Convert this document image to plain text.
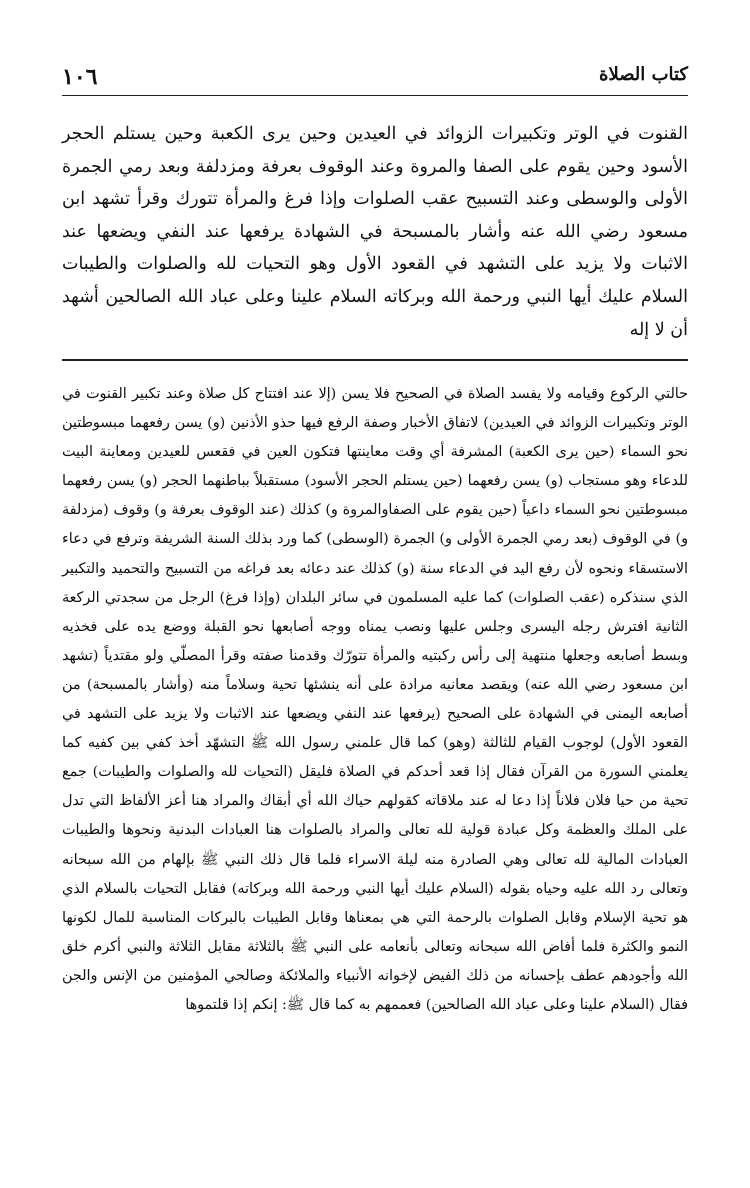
كتاب الصلاة
١٠٦

القنوت في الوتر وتكبيرات الزوائد في العيدين وحين يرى الكعبة وحين يستلم الحجر الأسود وحين يقوم على الصفا والمروة وعند الوقوف بعرفة ومزدلفة وبعد رمي الجمرة الأولى والوسطى وعند التسبيح عقب الصلوات وإذا فرغ والمرأة تتورك وقرأ تشهد ابن مسعود رضي الله عنه وأشار بالمسبحة في الشهادة يرفعها عند النفي ويضعها عند الاثبات ولا يزيد على التشهد في القعود الأول وهو التحيات لله والصلوات والطيبات السلام عليك أيها النبي ورحمة الله وبركاته السلام علينا وعلى عباد الله الصالحين أشهد أن لا إله

حالتي الركوع وقيامه ولا يفسد الصلاة في الصحيح فلا يسن (إلا عند افتتاح كل صلاة وعند تكبير القنوت في الوتر وتكبيرات الزوائد في العيدين) لاتفاق الأخبار وصفة الرفع فيها حذو الأذنين (و) يسن رفعهما مبسوطتين نحو السماء (حين يرى الكعبة) المشرفة أي وقت معاينتها فتكون العين في فقعس للعيدين ومعاينة البيت للدعاء وهو مستجاب (و) يسن رفعهما (حين يستلم الحجر الأسود) مستقبلاً بباطنهما الحجر (و) يسن رفعهما مبسوطتين نحو السماء داعياً (حين يقوم على الصفاوالمروة و) كذلك (عند الوقوف بعرفة و) وقوف (مزدلفة و) في الوقوف (بعد رمي الجمرة الأولى و) الجمرة (الوسطى) كما ورد بذلك السنة الشريفة وترفع في دعاء الاستسقاء ونحوه لأن رفع اليد في الدعاء سنة (و) كذلك عند دعائه بعد فراغه من التسبيح والتحميد والتكبير الذي سنذكره (عقب الصلوات) كما عليه المسلمون في سائر البلدان (وإذا فرغ) الرجل من سجدتي الركعة الثانية افترش رجله اليسرى وجلس عليها ونصب يمناه ووجه أصابعها نحو القبلة ووضع يده على فخذيه وبسط أصابعه وجعلها منتهية إلى رأس ركبتيه والمرأة تتورّك وقدمنا صفته وقرأ المصلّي ولو مقتدياً (تشهد ابن مسعود رضي الله عنه) ويقصد معانيه مرادة على أنه ينشئها تحية وسلاماً منه (وأشار بالمسبحة) من أصابعه اليمنى في الشهادة على الصحيح (يرفعها عند النفي ويضعها عند الاثبات ولا يزيد على التشهد في القعود الأول) لوجوب القيام للثالثة (وهو) كما قال علمني رسول الله ﷺ التشهّد أخذ كفي بين كفيه كما يعلمني السورة من القرآن فقال إذا قعد أحدكم في الصلاة فليقل (التحيات لله والصلوات والطيبات) جمع تحية من حيا فلان فلاناً إذا دعا له عند ملاقاته كقولهم حياك الله أي أبقاك والمراد هنا أعز الألفاظ التي تدل على الملك والعظمة وكل عبادة قولية لله تعالى والمراد بالصلوات هنا العبادات البدنية ونحوها والطيبات العبادات المالية لله تعالى وهي الصادرة منه ليلة الاسراء فلما قال ذلك النبي ﷺ بإلهام من الله سبحانه وتعالى رد الله عليه وحياه بقوله (السلام عليك أيها النبي ورحمة الله وبركاته) فقابل التحيات بالسلام الذي هو تحية الإسلام وقابل الصلوات بالرحمة التي هي بمعناها وقابل الطيبات بالبركات المناسبة للمال لكونها النمو والكثرة فلما أفاض الله سبحانه وتعالى بأنعامه على النبي ﷺ بالثلاثة مقابل الثلاثة والنبي أكرم خلق الله وأجودهم عطف بإحسانه من ذلك الفيض لإخوانه الأنبياء والملائكة وصالحي المؤمنين من الإنس والجن فقال (السلام علينا وعلى عباد الله الصالحين) فعممهم به كما قال ﷺ: إنكم إذا قلتموها
